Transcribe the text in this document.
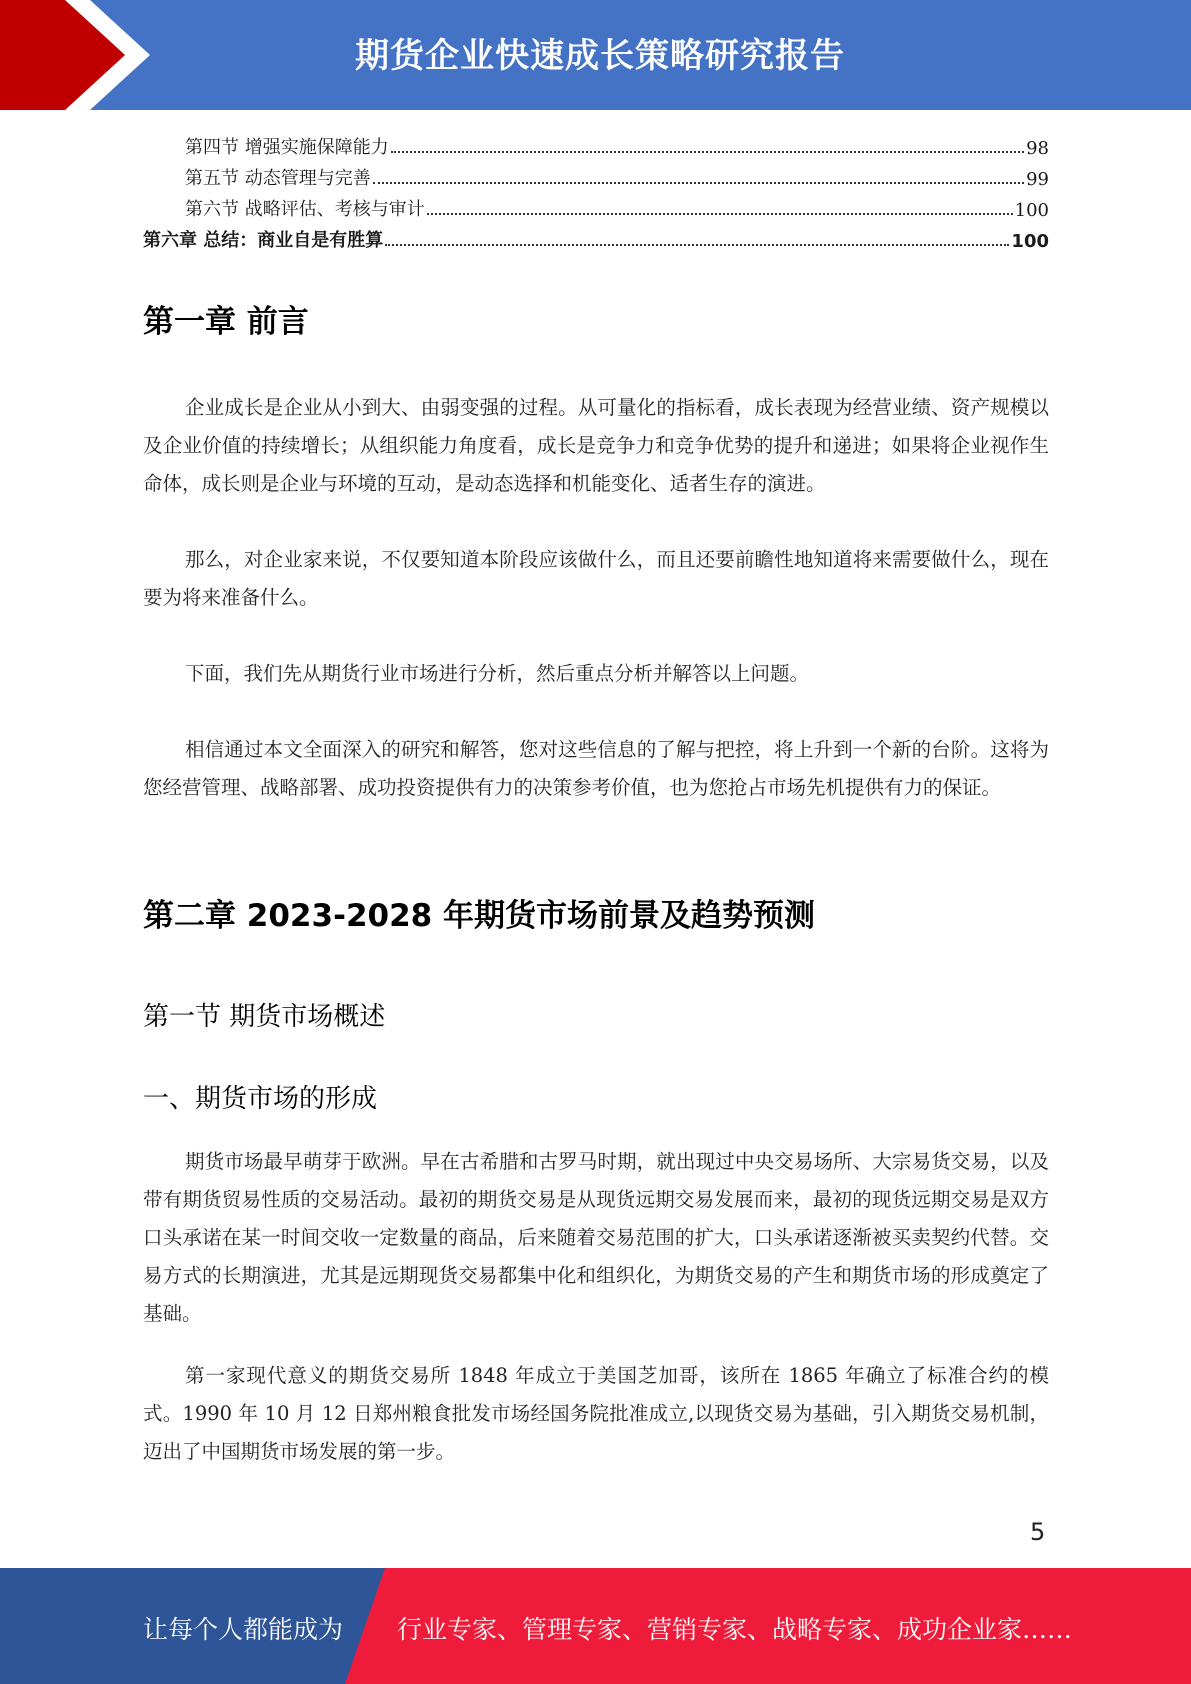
期货企业快速成长策略研究报告
第四节 增强实施保障能力	98
第五节 动态管理与完善	99
第六节 战略评估、考核与审计	100
第六章 总结：商业自是有胜算	100
第一章 前言
企业成长是企业从小到大、由弱变强的过程。从可量化的指标看，成长表现为经营业绩、资产规模以及企业价值的持续增长；从组织能力角度看，成长是竞争力和竞争优势的提升和递进；如果将企业视作生命体，成长则是企业与环境的互动，是动态选择和机能变化、适者生存的演进。
那么，对企业家来说，不仅要知道本阶段应该做什么，而且还要前瞻性地知道将来需要做什么，现在要为将来准备什么。
下面，我们先从期货行业市场进行分析，然后重点分析并解答以上问题。
相信通过本文全面深入的研究和解答，您对这些信息的了解与把控，将上升到一个新的台阶。这将为您经营管理、战略部署、成功投资提供有力的决策参考价值，也为您抢占市场先机提供有力的保证。
第二章 2023-2028 年期货市场前景及趋势预测
第一节 期货市场概述
一、期货市场的形成
期货市场最早萌芽于欧洲。早在古希腊和古罗马时期，就出现过中央交易场所、大宗易货交易，以及带有期货贸易性质的交易活动。最初的期货交易是从现货远期交易发展而来，最初的现货远期交易是双方口头承诺在某一时间交收一定数量的商品，后来随着交易范围的扩大，口头承诺逐渐被买卖契约代替。交易方式的长期演进，尤其是远期现货交易都集中化和组织化，为期货交易的产生和期货市场的形成奠定了基础。
第一家现代意义的期货交易所 1848 年成立于美国芝加哥，该所在 1865 年确立了标准合约的模式。1990 年 10 月 12 日郑州粮食批发市场经国务院批准成立,以现货交易为基础，引入期货交易机制，迈出了中国期货市场发展的第一步。
5
让每个人都能成为 行业专家、管理专家、营销专家、战略专家、成功企业家……
